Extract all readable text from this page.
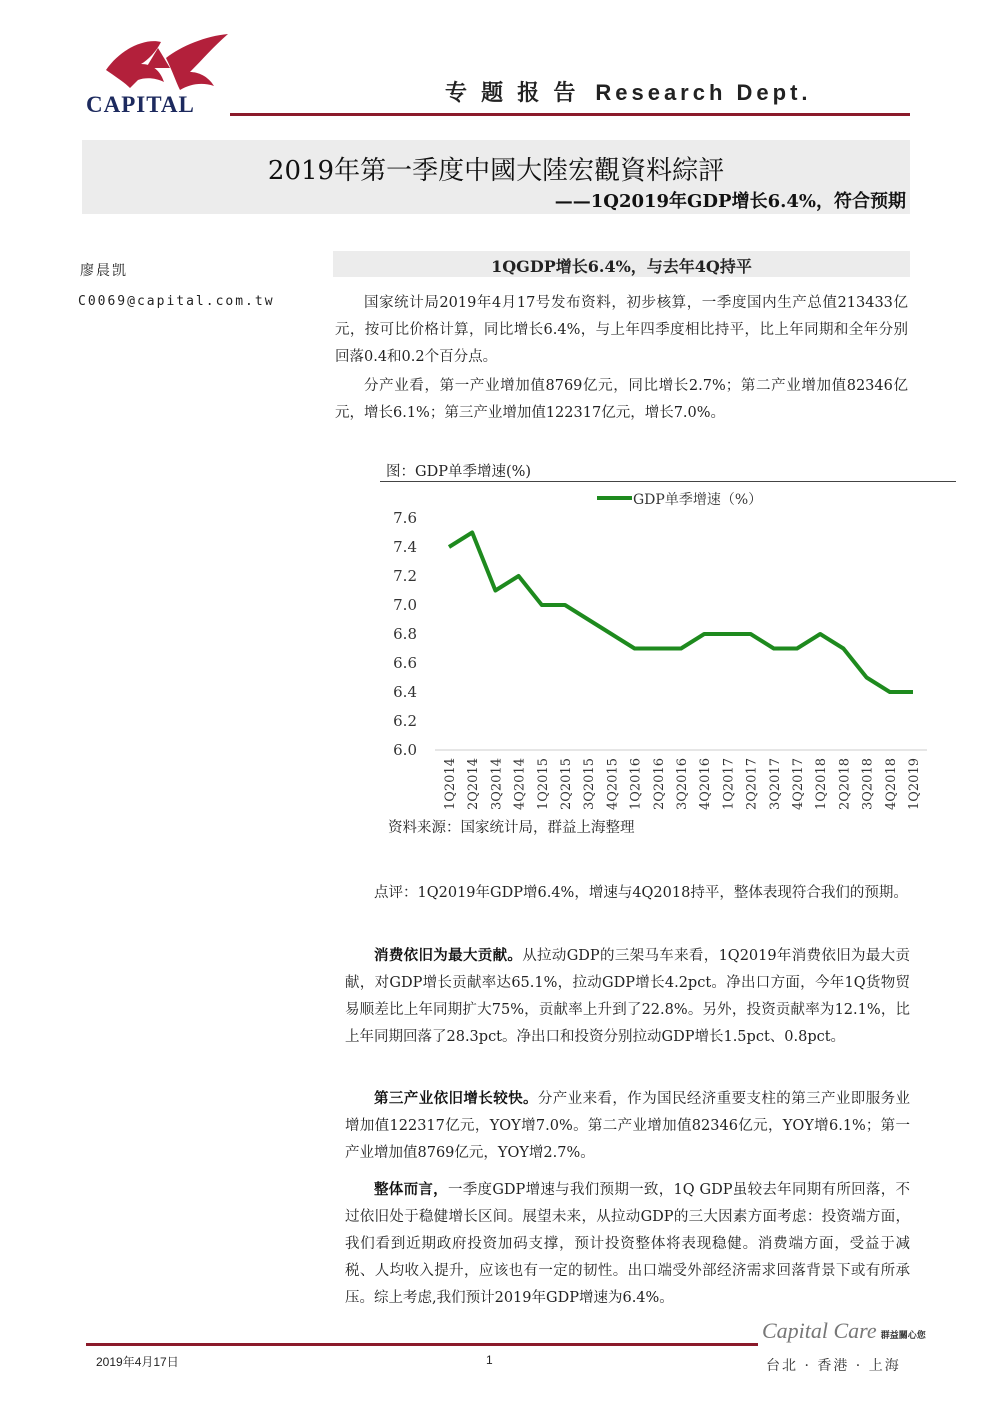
CAPITAL	专 题 报 告 Research Dept.
2019年第一季度中國大陸宏觀資料綜評
——1Q2019年GDP增长6.4%，符合预期
廖晨凯
C0069@capital.com.tw
1QGDP增长6.4%，与去年4Q持平

国家统计局2019年4月17号发布资料，初步核算，一季度国内生产总值213433亿元，按可比价格计算，同比增长6.4%，与上年四季度相比持平，比上年同期和全年分别回落0.4和0.2个百分点。

分产业看，第一产业增加值8769亿元，同比增长2.7%；第二产业增加值82346亿元，增长6.1%；第三产业增加值122317亿元，增长7.0%。

图：GDP单季增速(%)
7.6
7.4
7.2
7.0
6.8
6.6
6.4
6.2
6.0
1Q2014 2Q2014 3Q2014 4Q2014 1Q2015 2Q2015 3Q2015 4Q2015 1Q2016 2Q2016 3Q2016 4Q2016 1Q2017 2Q2017 3Q2017 4Q2017 1Q2018 2Q2018 3Q2018 4Q2018 1Q2019
GDP单季增速（%）
资料来源：国家统计局，群益上海整理

点评：1Q2019年GDP增6.4%，增速与4Q2018持平，整体表现符合我们的预期。

消费依旧为最大贡献。从拉动GDP的三架马车来看，1Q2019年消费依旧为最大贡献，对GDP增长贡献率达65.1%，拉动GDP增长4.2pct。净出口方面，今年1Q货物贸易顺差比上年同期扩大75%，贡献率上升到了22.8%。另外，投资贡献率为12.1%，比上年同期回落了28.3pct。净出口和投资分别拉动GDP增长1.5pct、0.8pct。

第三产业依旧增长较快。分产业来看，作为国民经济重要支柱的第三产业即服务业增加值122317亿元，YOY增7.0%。第二产业增加值82346亿元，YOY增6.1%；第一产业增加值8769亿元，YOY增2.7%。

整体而言，一季度GDP增速与我们预期一致，1Q GDP虽较去年同期有所回落，不过依旧处于稳健增长区间。展望未来，从拉动GDP的三大因素方面考虑：投资端方面，我们看到近期政府投资加码支撑，预计投资整体将表现稳健。消费端方面，受益于减税、人均收入提升，应该也有一定的韧性。出口端受外部经济需求回落背景下或有所承压。综上考虑,我们预计2019年GDP增速为6.4%。

2019年4月17日	1
Capital Care 群益關心您
台北 · 香港 · 上海
